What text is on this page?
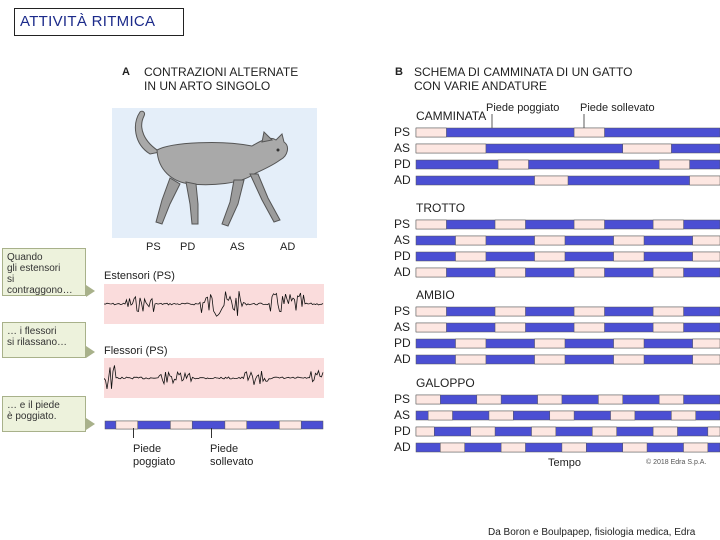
ATTIVITÀ RITMICA
A CONTRAZIONI ALTERNATE
IN UN ARTO SINGOLO
PS PD	AS	AD
Quando
gli estensori
si contraggono…
… i flessori
si rilassano…
… e il piede
è poggiato.
Estensori (PS)
Flessori (PS)
Piede
poggiato
Piede
sollevato
B SCHEMA DI CAMMINATA DI UN GATTO
CON VARIE ANDATURE
Piede poggiato Piede sollevato
CAMMINATA
PS
AS
PD
AD
TROTTO
PS
AS
PD
AD
AMBIO
PS
AS
PD
AD
GALOPPO
PS
AS
PD
AD
Tempo	© 2018 Edra S.p.A.
Da Boron e Boulpapep, fisiologia medica, Edra
